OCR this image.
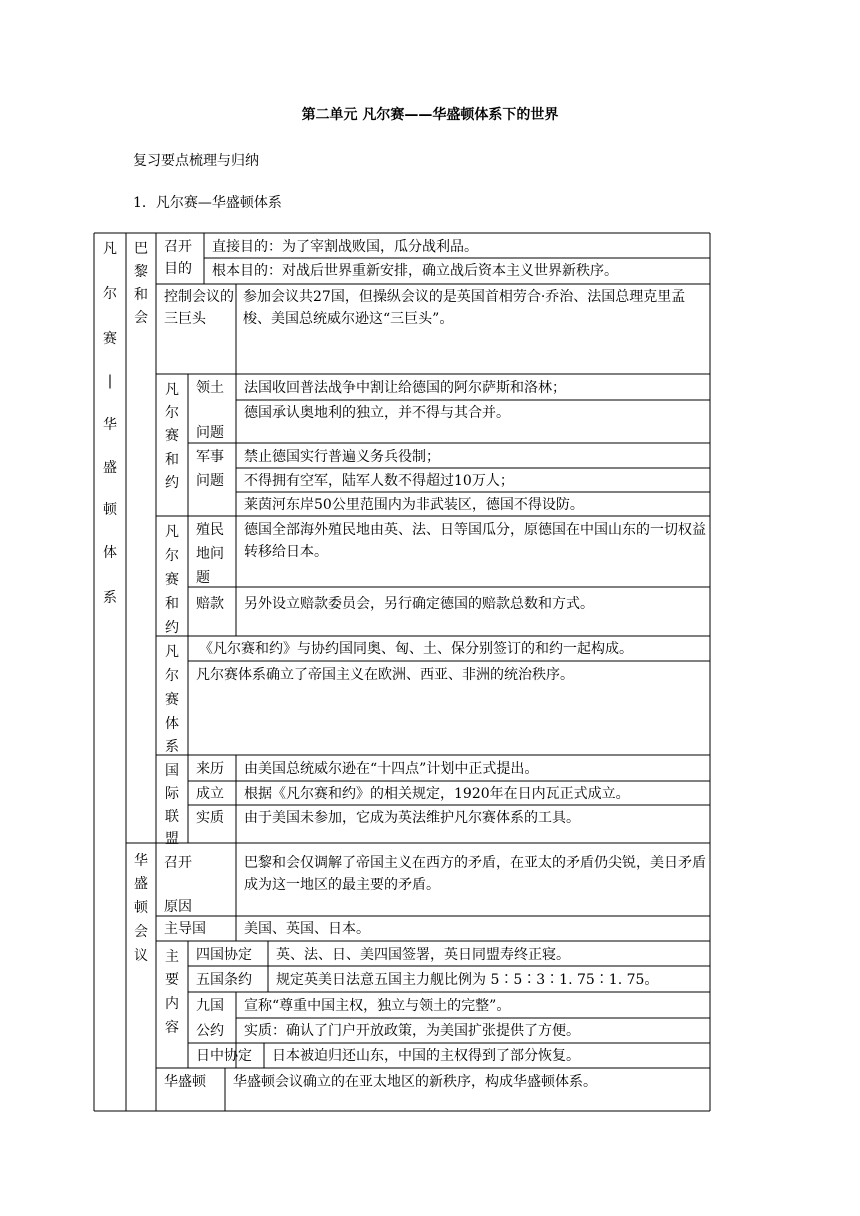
第二单元 凡尔赛——华盛顿体系下的世界
复习要点梳理与归纳
1．凡尔赛—华盛顿体系
凡
尔
赛
|
华
盛
顿
体
系
巴
黎
和
会
召开目的
直接目的：为了宰割战败国，瓜分战利品。
根本目的：对战后世界重新安排，确立战后资本主义世界新秩序。
控制会议的三巨头
参加会议共27国，但操纵会议的是英国首相劳合·乔治、法国总理克里孟梭、美国总统威尔逊这“三巨头”。
凡
尔
赛
和
约
领土
问题
法国收回普法战争中割让给德国的阿尔萨斯和洛林；
德国承认奥地利的独立，并不得与其合并。
军事
问题
禁止德国实行普遍义务兵役制；
不得拥有空军，陆军人数不得超过10万人；
莱茵河东岸50公里范围内为非武装区，德国不得设防。
凡
尔
赛
和
约
殖民
地问
题
德国全部海外殖民地由英、法、日等国瓜分，原德国在中国山东的一切权益转移给日本。
赔款 另外设立赔款委员会，另行确定德国的赔款总数和方式。
凡
尔
赛
体
系
《凡尔赛和约》与协约国同奥、匈、土、保分别签订的和约一起构成。
凡尔赛体系确立了帝国主义在欧洲、西亚、非洲的统治秩序。
国
际
联
盟
来历 由美国总统威尔逊在“十四点”计划中正式提出。
成立 根据《凡尔赛和约》的相关规定，1920年在日内瓦正式成立。
实质 由于美国未参加，它成为英法维护凡尔赛体系的工具。
华
盛
顿
会
议
召开
原因
巴黎和会仅调解了帝国主义在西方的矛盾，在亚太的矛盾仍尖锐，美日矛盾成为这一地区的最主要的矛盾。
主导国	美国、英国、日本。
主
要
内
容
四国协定 英、法、日、美四国签署，英日同盟寿终正寝。
五国条约 规定英美日法意五国主力舰比例为 5∶5∶3∶1. 75∶1. 75。
九国
公约
宣称“尊重中国主权，独立与领土的完整”。
实质：确认了门户开放政策，为美国扩张提供了方便。
日中协定 日本被迫归还山东，中国的主权得到了部分恢复。
华盛顿 华盛顿会议确立的在亚太地区的新秩序，构成华盛顿体系。
